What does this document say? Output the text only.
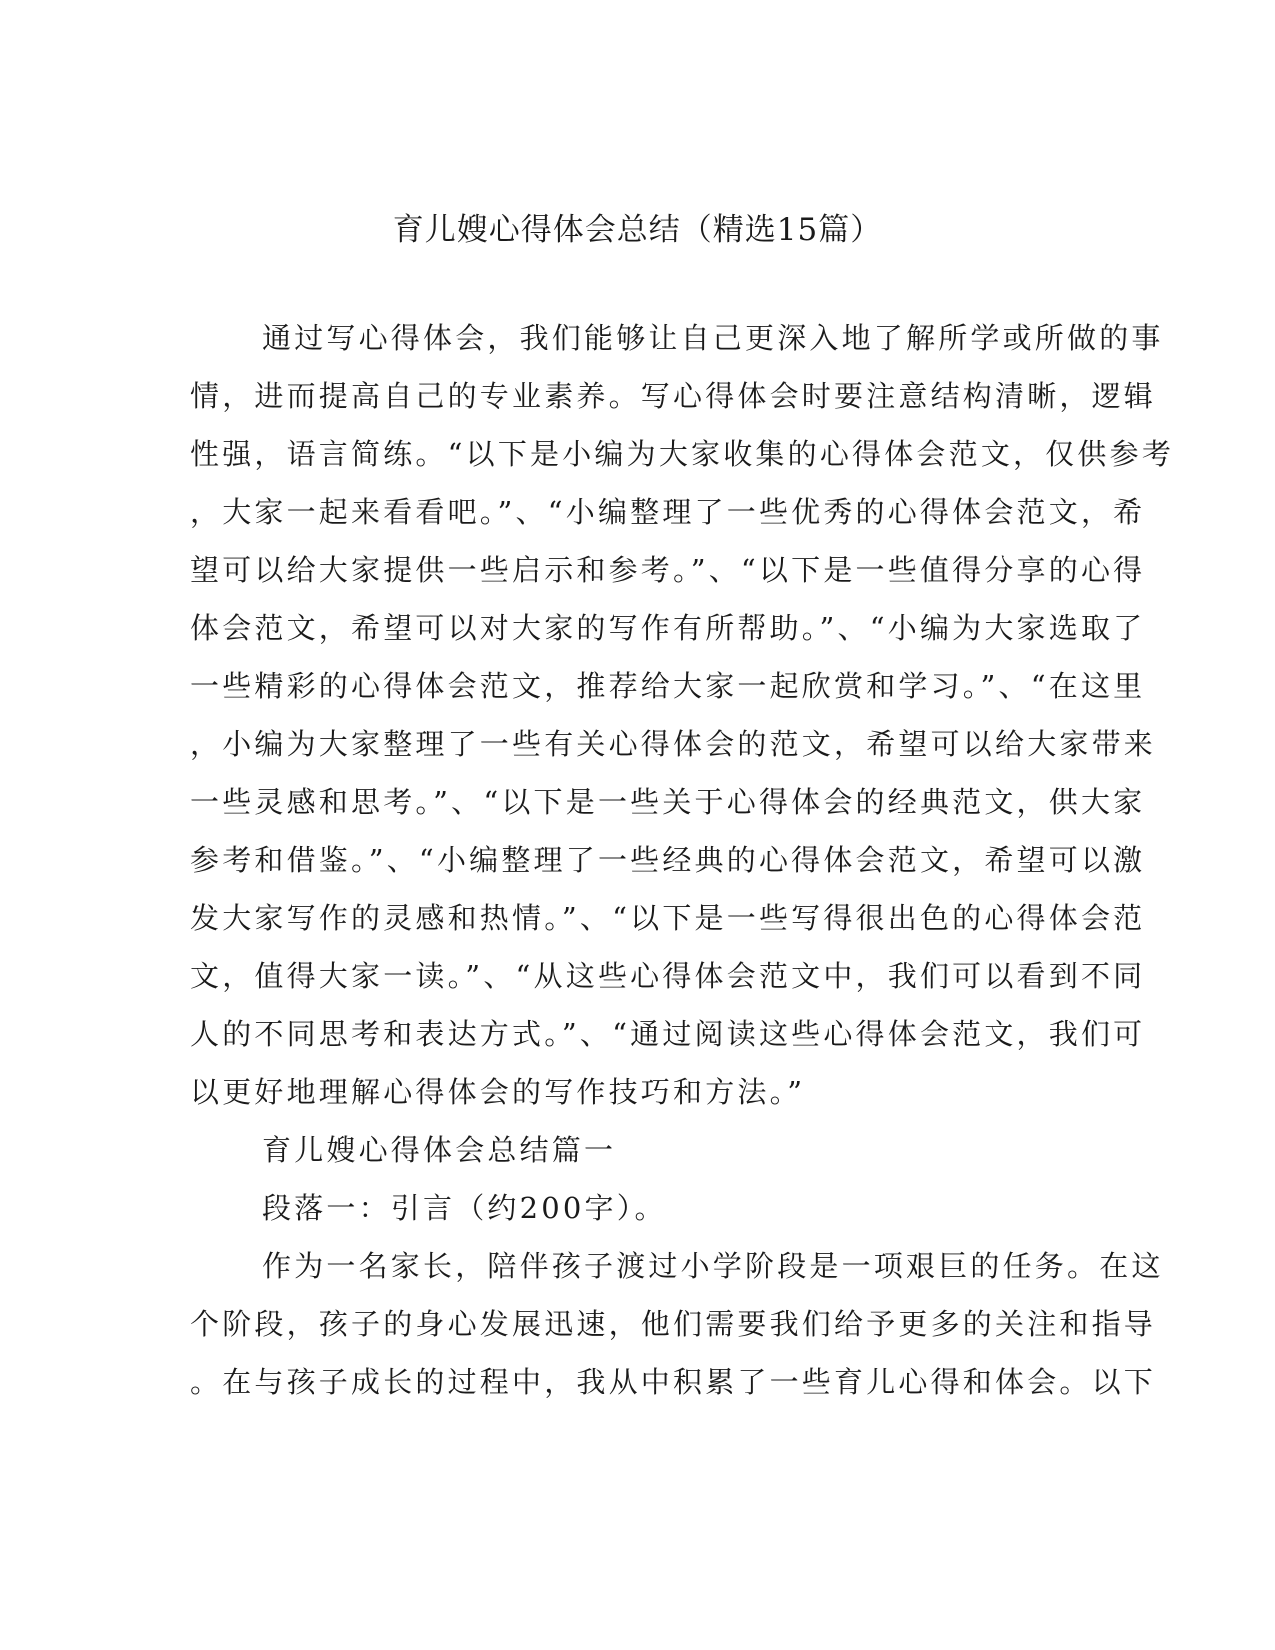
育儿嫂心得体会总结（精选15篇）

通过写心得体会，我们能够让自己更深入地了解所学或所做的事

情，进而提高自己的专业素养。写心得体会时要注意结构清晰，逻辑

性强，语言简练。“以下是小编为大家收集的心得体会范文，仅供参考

，大家一起来看看吧。”、“小编整理了一些优秀的心得体会范文，希

望可以给大家提供一些启示和参考。”、“以下是一些值得分享的心得

体会范文，希望可以对大家的写作有所帮助。”、“小编为大家选取了

一些精彩的心得体会范文，推荐给大家一起欣赏和学习。”、“在这里

，小编为大家整理了一些有关心得体会的范文，希望可以给大家带来

一些灵感和思考。”、“以下是一些关于心得体会的经典范文，供大家

参考和借鉴。”、“小编整理了一些经典的心得体会范文，希望可以激

发大家写作的灵感和热情。”、“以下是一些写得很出色的心得体会范

文，值得大家一读。”、“从这些心得体会范文中，我们可以看到不同

人的不同思考和表达方式。”、“通过阅读这些心得体会范文，我们可

以更好地理解心得体会的写作技巧和方法。”

育儿嫂心得体会总结篇一

段落一：引言（约200字）。

作为一名家长，陪伴孩子渡过小学阶段是一项艰巨的任务。在这

个阶段，孩子的身心发展迅速，他们需要我们给予更多的关注和指导

。在与孩子成长的过程中，我从中积累了一些育儿心得和体会。以下
